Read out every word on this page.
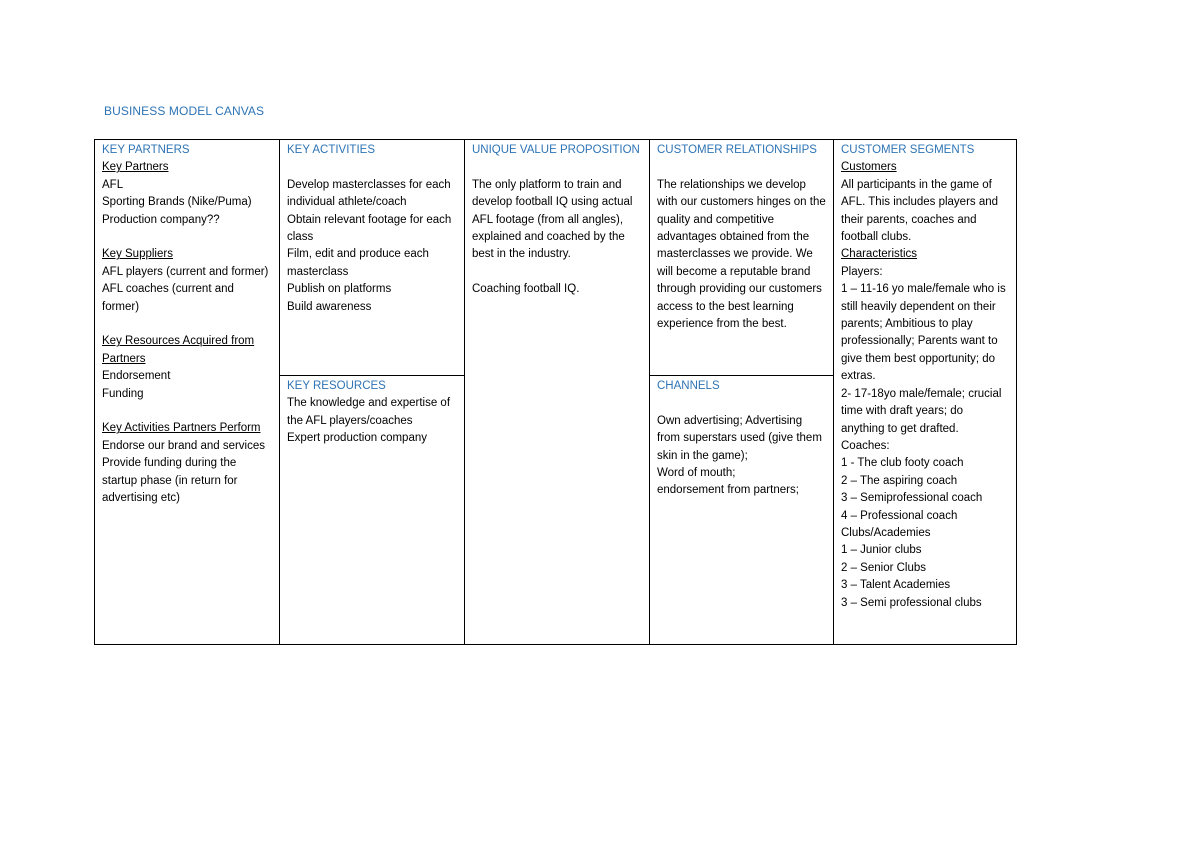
BUSINESS MODEL CANVAS
KEY PARTNERS
Key Partners
AFL
Sporting Brands (Nike/Puma)
Production company??
Key Suppliers
AFL players (current and former)
AFL coaches (current and former)
Key Resources Acquired from Partners
Endorsement
Funding
Key Activities Partners Perform
Endorse our brand and services
Provide funding during the startup phase (in return for advertising etc)
KEY ACTIVITIES
Develop masterclasses for each individual athlete/coach
Obtain relevant footage for each class
Film, edit and produce each masterclass
Publish on platforms
Build awareness
KEY RESOURCES
The knowledge and expertise of the AFL players/coaches
Expert production company
UNIQUE VALUE PROPOSITION
The only platform to train and develop football IQ using actual AFL footage (from all angles), explained and coached by the best in the industry.
Coaching football IQ.
CUSTOMER RELATIONSHIPS
The relationships we develop with our customers hinges on the quality and competitive advantages obtained from the masterclasses we provide. We will become a reputable brand through providing our customers access to the best learning experience from the best.
CHANNELS
Own advertising; Advertising from superstars used (give them skin in the game);
Word of mouth;
endorsement from partners;
CUSTOMER SEGMENTS
Customers
All participants in the game of AFL. This includes players and their parents, coaches and football clubs.
Characteristics
Players:
1 – 11-16 yo male/female who is still heavily dependent on their parents; Ambitious to play professionally; Parents want to give them best opportunity; do extras.
2- 17-18yo male/female; crucial time with draft years; do anything to get drafted.
Coaches:
1 - The club footy coach
2 – The aspiring coach
3 – Semiprofessional coach
4 – Professional coach
Clubs/Academies
1 – Junior clubs
2 – Senior Clubs
3 – Talent Academies
3 – Semi professional clubs
